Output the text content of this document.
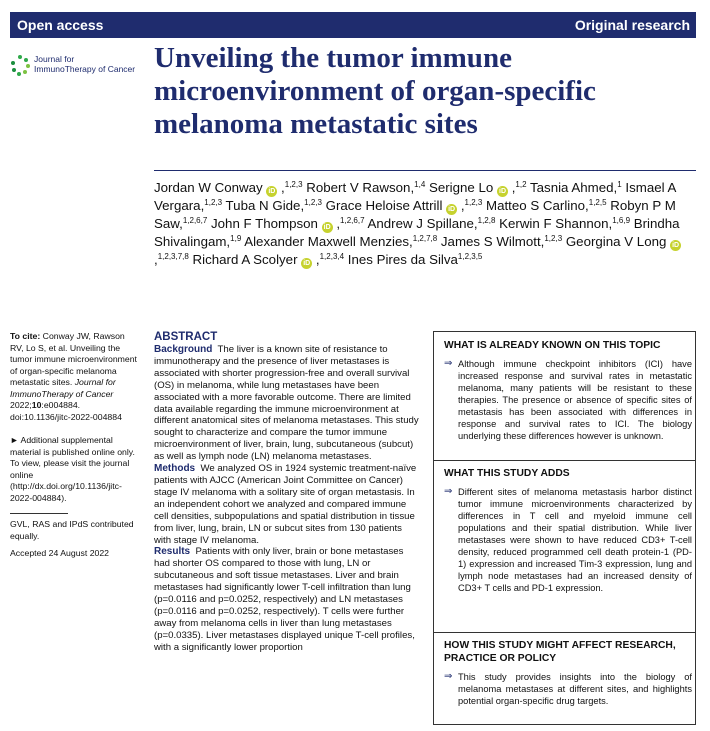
Open access	Original research
Journal for
ImmunoTherapy of Cancer Unveiling the tumor immune
microenvironment of organ-specific
melanoma metastatic sites
Jordan W Conway iD ,$^{1,2,3}$ Robert V Rawson,$^{1,4}$ Serigne Lo iD ,$^{1,2}$ Tasnia Ahmed,$^1$ Ismael A Vergara,$^{1,2,3}$ Tuba N Gide,$^{1,2,3}$ Grace Heloise Attrill iD ,$^{1,2,3}$ Matteo S Carlino,$^{1,2,5}$ Robyn P M Saw,$^{1,2,6,7}$ John F Thompson iD ,$^{1,2,6,7}$ Andrew J Spillane,$^{1,2,8}$ Kerwin F Shannon,$^{1,6,9}$ Brindha Shivalingam,$^{1,9}$ Alexander Maxwell Menzies,$^{1,2,7,8}$ James S Wilmott,$^{1,2,3}$ Georgina V Long iD ,$^{1,2,3,7,8}$ Richard A Scolyer iD ,$^{1,2,3,4}$ Ines Pires da Silva$^{1,2,3,5}$

To cite: Conway JW, Rawson RV, Lo S, et al. Unveiling the tumor immune microenvironment of organ-specific melanoma metastatic sites. Journal for ImmunoTherapy of Cancer 2022;10:e004884. doi:10.1136/jitc-2022-004884

► Additional supplemental material is published online only. To view, please visit the journal online (http://dx.doi.org/10.1136/jitc-2022-004884).

GVL, RAS and IPdS contributed equally.

Accepted 24 August 2022

ABSTRACT

Background The liver is a known site of resistance to immunotherapy and the presence of liver metastases is associated with shorter progression-free and overall survival (OS) in melanoma, while lung metastases have been associated with a more favorable outcome. There are limited data available regarding the immune microenvironment at different anatomical sites of melanoma metastases. This study sought to characterize and compare the tumor immune microenvironment of liver, brain, lung, subcutaneous (subcut) as well as lymph node (LN) melanoma metastases.

Methods We analyzed OS in 1924 systemic treatment-naïve patients with AJCC (American Joint Committee on Cancer) stage IV melanoma with a solitary site of organ metastasis. In an independent cohort we analyzed and compared immune cell densities, subpopulations and spatial distribution in tissue from liver, lung, brain, LN or subcut sites from 130 patients with stage IV melanoma.

Results Patients with only liver, brain or bone metastases had shorter OS compared to those with lung, LN or subcutaneous and soft tissue metastases. Liver and brain metastases had significantly lower T-cell infiltration than lung (p=0.0116 and p=0.0252, respectively) and LN metastases (p=0.0116 and p=0.0252, respectively). T cells were further away from melanoma cells in liver than lung metastases (p=0.0335). Liver metastases displayed unique T-cell profiles, with a significantly lower proportion

WHAT IS ALREADY KNOWN ON THIS TOPIC
⇒ Although immune checkpoint inhibitors (ICI) have increased response and survival rates in metastatic melanoma, many patients will be resistant to these therapies. The presence or absence of specific sites of metastasis has been associated with differences in response and survival rates to ICI. The biology underlying these differences however is unknown.
WHAT THIS STUDY ADDS
⇒ Different sites of melanoma metastasis harbor distinct tumor immune microenvironments characterized by differences in T cell and myeloid immune cell populations and their spatial distribution. While liver metastases were shown to have reduced CD3+ T-cell density, reduced programmed cell death protein-1 (PD-1) expression and increased Tim-3 expression, lung and lymph node metastases had an increased density of CD3+ T cells and PD-1 expression.
HOW THIS STUDY MIGHT AFFECT RESEARCH, PRACTICE OR POLICY
⇒ This study provides insights into the biology of melanoma metastases at different sites, and highlights potential organ-specific drug targets.
